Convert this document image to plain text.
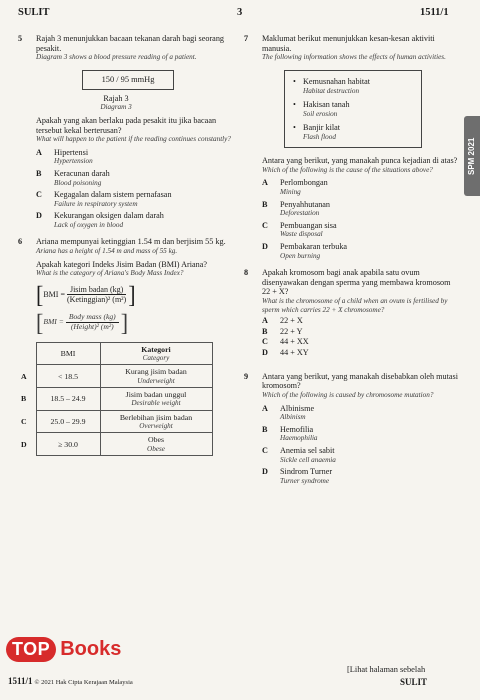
SULIT	3	1511/1
SPM 2021
5 Rajah 3 menunjukkan bacaan tekanan darah bagi seorang pesakit.
Diagram 3 shows a blood pressure reading of a patient.
150 / 95 mmHg
Rajah 3
Diagram 3
Apakah yang akan berlaku pada pesakit itu jika bacaan tersebut kekal berterusan?
What will happen to the patient if the reading continues constantly?
A Hipertensi
Hypertension
B Keracunan darah
Blood poisoning
C Kegagalan dalam sistem pernafasan
Failure in respiratory system
D Kekurangan oksigen dalam darah
Lack of oxygen in blood
6 Ariana mempunyai ketinggian 1.54 m dan berjisim 55 kg.
Ariana has a height of 1.54 m and mass of 55 kg.
Apakah kategori Indeks Jisim Badan (BMI) Ariana?
What is the category of Ariana's Body Mass Index?
[ BMI = $\frac{\text{Jisim badan (kg)}}{\text{(Ketinggian)² (m²)}}$ ]
[ BMI = $\frac{\text{Body mass (kg)}}{\text{(Height)² (m²)}}$ ]
	BMI	Kategori
Category

A	< 18.5	Kurang jisim badan
Underweight

B	18.5 – 24.9	Jisim badan unggul
Desirable weight

C	25.0 – 29.9	Berlebihan jisim badan
Overweight

D	≥ 30.0	Obes
Obese
7 Maklumat berikut menunjukkan kesan-kesan aktiviti manusia.
The following information shows the effects of human activities.
• Kemusnahan habitat
Habitat destruction
• Hakisan tanah
Soil erosion
• Banjir kilat
Flash flood
Antara yang berikut, yang manakah punca kejadian di atas?
Which of the following is the cause of the situations above?
A Perlombongan
Mining
B Penyahhutanan
Deforestation
C Pembuangan sisa
Waste disposal
D Pembakaran terbuka
Open burning
8 Apakah kromosom bagi anak apabila satu ovum disenyawakan dengan sperma yang membawa kromosom 22 + X?
What is the chromosome of a child when an ovum is fertilised by sperm which carries 22 + X chromosome?
A 22 + X
B 22 + Y
C 44 + XX
D 44 + XY
9 Antara yang berikut, yang manakah disebabkan oleh mutasi kromosom?
Which of the following is caused by chromosome mutation?
A Albinisme
Albinism
B Hemofilia
Haemophilia
C Anemia sel sabit
Sickle cell anaemia
D Sindrom Turner
Turner syndrome
TOP Books
1511/1 © 2021 Hak Cipta Kerajaan Malaysia
[Lihat halaman sebelah
SULIT
